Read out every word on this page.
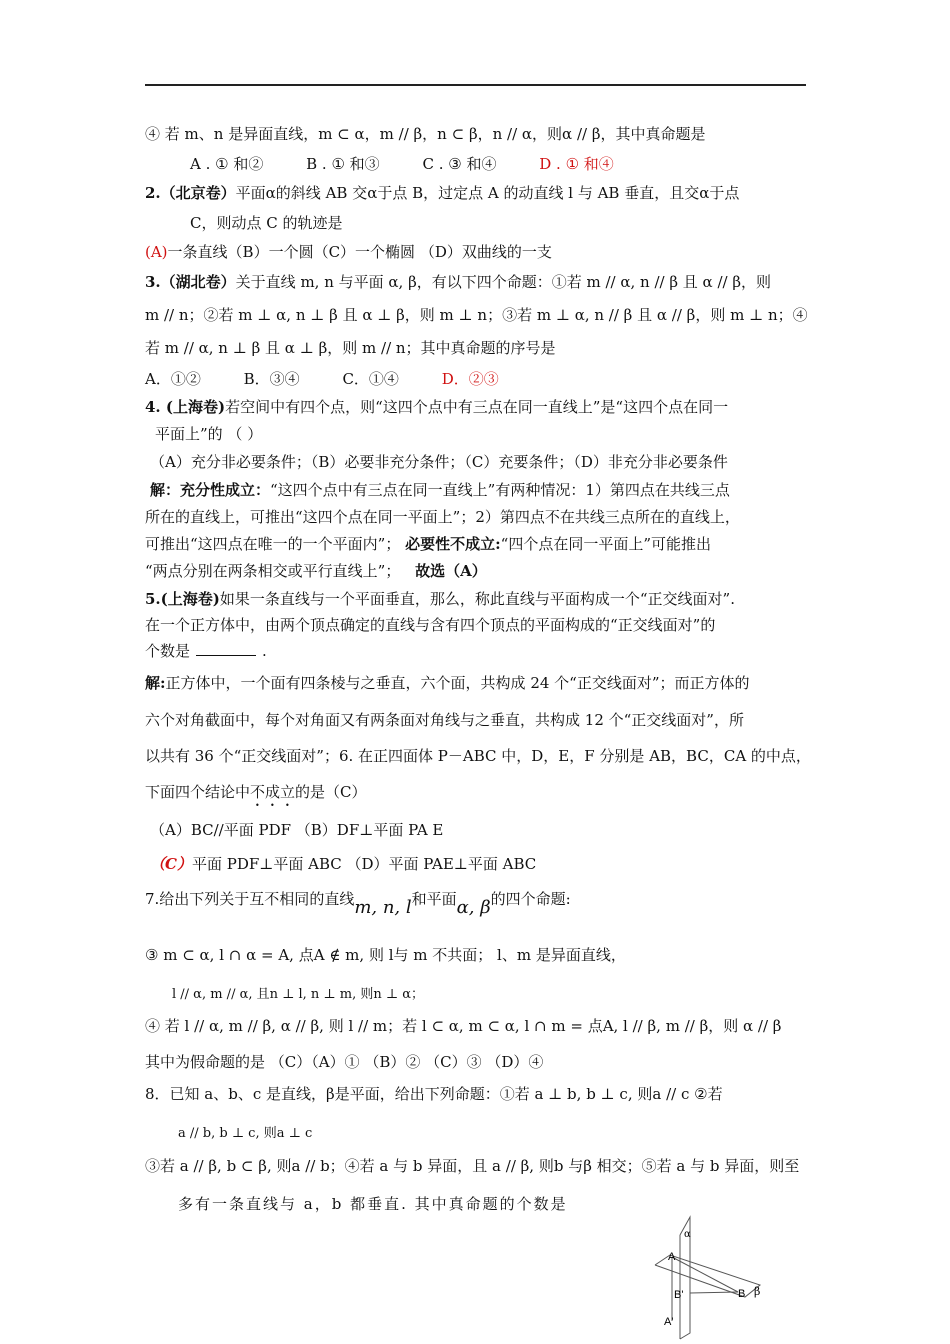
④ 若 m、n 是异面直线，m ⊂ α，m // β，n ⊂ β，n // α，则α // β，其中真命题是
A . ① 和②	B . ① 和③	C . ③ 和④	D . ① 和④
2.（北京卷）平面α的斜线 AB 交α于点 B，过定点 A 的动直线 l 与 AB 垂直，且交α于点
C，则动点 C 的轨迹是
(A)一条直线（B）一个圆（C）一个椭圆 （D）双曲线的一支
3.（湖北卷）关于直线 m, n 与平面 α, β，有以下四个命题：①若 m // α, n // β 且 α // β，则
m // n；②若 m ⊥ α, n ⊥ β 且 α ⊥ β，则 m ⊥ n；③若 m ⊥ α, n // β 且 α // β，则 m ⊥ n；④
若 m // α, n ⊥ β 且 α ⊥ β，则 m // n；其中真命题的序号是
A．①②	B．③④	C．①④	D．②③
4. (上海卷)若空间中有四个点，则“这四个点中有三点在同一直线上”是“这四个点在同一
平面上”的 （ ）
（A）充分非必要条件；（B）必要非充分条件；（C）充要条件；（D）非充分非必要条件
解：充分性成立：“这四个点中有三点在同一直线上”有两种情况：1）第四点在共线三点
所在的直线上，可推出“这四个点在同一平面上”；2）第四点不在共线三点所在的直线上，
可推出“这四点在唯一的一个平面内”； 必要性不成立:“四个点在同一平面上”可能推出
“两点分别在两条相交或平行直线上”； 故选（A）
5.(上海卷)如果一条直线与一个平面垂直，那么，称此直线与平面构成一个“正交线面对”.
在一个正方体中，由两个顶点确定的直线与含有四个顶点的平面构成的“正交线面对”的
个数是	.
解:正方体中，一个面有四条棱与之垂直，六个面，共构成 24 个“正交线面对”；而正方体的
六个对角截面中，每个对角面又有两条面对角线与之垂直，共构成 12 个“正交线面对”，所
以共有 36 个“正交线面对”；6. 在正四面体 P－ABC 中，D，E，F 分别是 AB，BC，CA 的中点，
下面四个结论中不成立的是（C）
（A）BC//平面 PDF （B）DF⊥平面 PA E
（C）平面 PDF⊥平面 ABC （D）平面 PAE⊥平面 ABC
7.给出下列关于互不相同的直线m, n, l和平面α, β的四个命题:
③ m ⊂ α, l ∩ α = A, 点A ∉ m, 则 l与 m 不共面； l、m 是异面直线，
l // α, m // α, 且n ⊥ l, n ⊥ m, 则n ⊥ α；
④ 若 l // α, m // β, α // β, 则 l // m；若 l ⊂ α, m ⊂ α, l ∩ m = 点A, l // β, m // β，则 α // β
其中为假命题的是 （C）（A）① （B）② （C）③ （D）④
8．已知 a、b、c 是直线，β是平面，给出下列命题：①若 a ⊥ b, b ⊥ c, 则a // c ②若
a // b, b ⊥ c, 则a ⊥ c
③若 a // β, b ⊂ β, 则a // b；④若 a 与 b 异面，且 a // β, 则b 与β 相交；⑤若 a 与 b 异面，则至
多有一条直线与 a，b 都垂直. 其中真命题的个数是
α
A
B'	B β
A'
